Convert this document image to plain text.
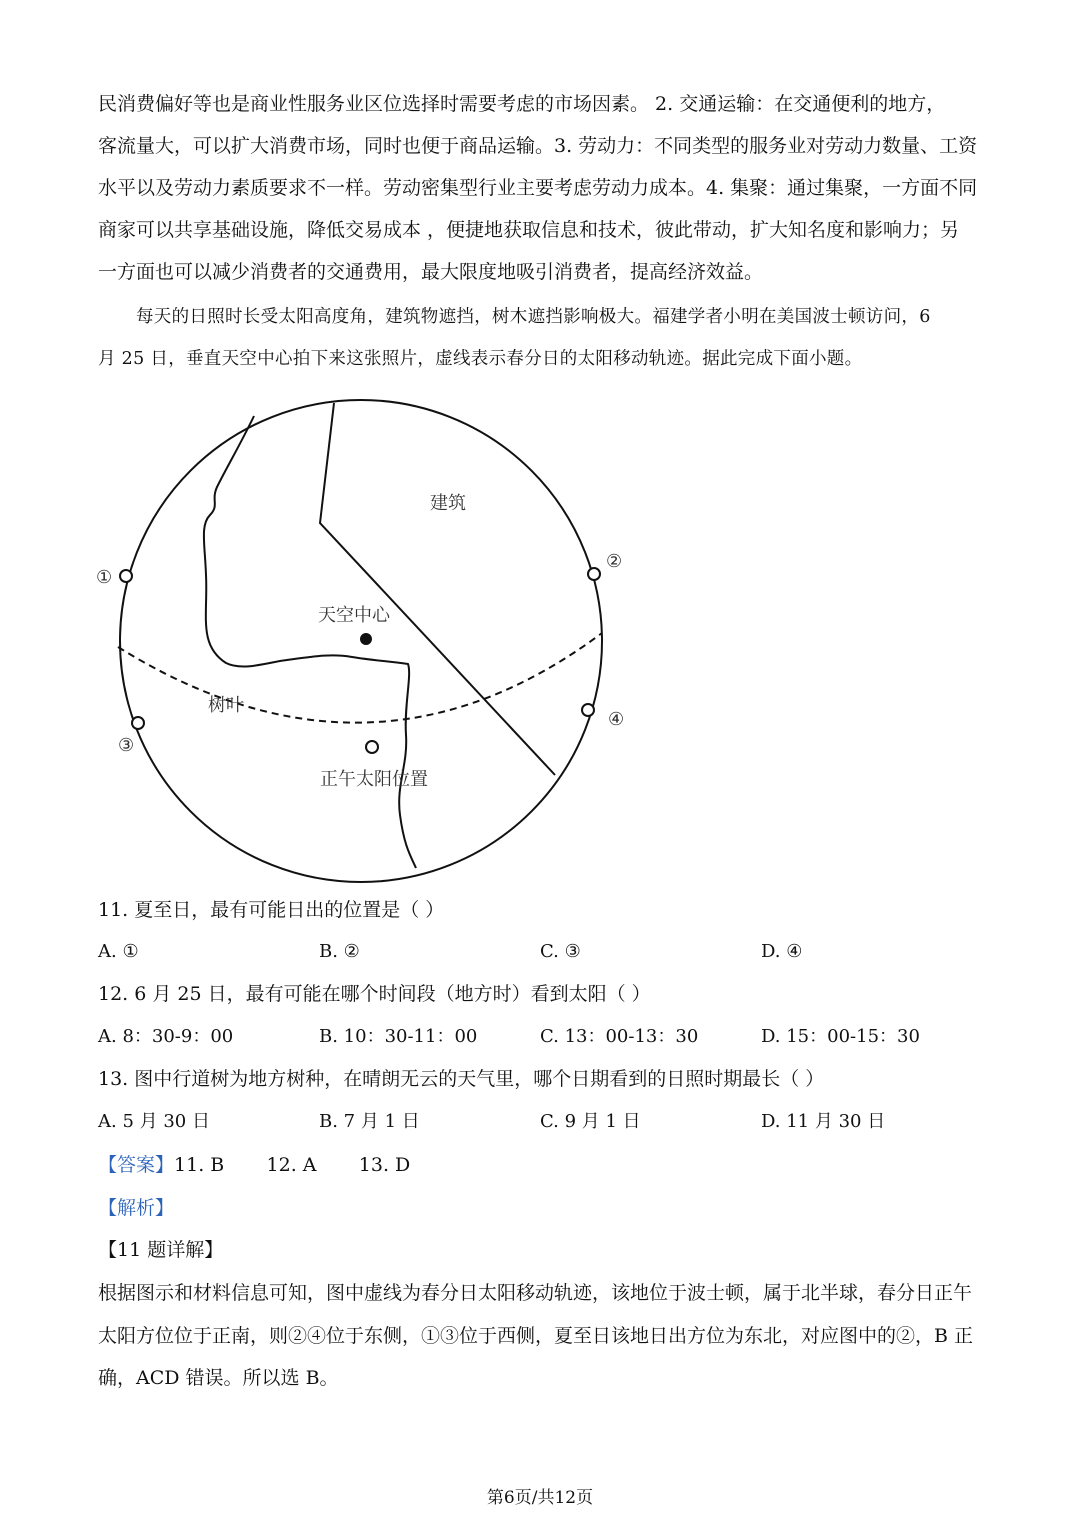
民消费偏好等也是商业性服务业区位选择时需要考虑的市场因素。 2. 交通运输：在交通便利的地方，
客流量大，可以扩大消费市场，同时也便于商品运输。3. 劳动力：不同类型的服务业对劳动力数量、工资
水平以及劳动力素质要求不一样。劳动密集型行业主要考虑劳动力成本。4. 集聚：通过集聚，一方面不同
商家可以共享基础设施，降低交易成本 ，便捷地获取信息和技术，彼此带动，扩大知名度和影响力；另
一方面也可以减少消费者的交通费用，最大限度地吸引消费者，提高经济效益。
每天的日照时长受太阳高度角，建筑物遮挡，树木遮挡影响极大。福建学者小明在美国波士顿访问，6
月 25 日，垂直天空中心拍下来这张照片，虚线表示春分日的太阳移动轨迹。据此完成下面小题。
建筑
天空中心
树叶
正午太阳位置
①
②
③
④
11. 夏至日，最有可能日出的位置是（ ）
A. ①	B. ②	C. ③	D. ④
12. 6 月 25 日，最有可能在哪个时间段（地方时）看到太阳（ ）
A. 8：30-9：00	B. 10：30-11：00	C. 13：00-13：30	D. 15：00-15：30
13. 图中行道树为地方树种，在晴朗无云的天气里，哪个日期看到的日照时期最长（ ）
A. 5 月 30 日	B. 7 月 1 日	C. 9 月 1 日	D. 11 月 30 日
【答案】11. B       12. A       13. D
【解析】
【11 题详解】
根据图示和材料信息可知，图中虚线为春分日太阳移动轨迹，该地位于波士顿，属于北半球，春分日正午
太阳方位位于正南，则②④位于东侧，①③位于西侧，夏至日该地日出方位为东北，对应图中的②，B 正
确，ACD 错误。所以选 B。
第6页/共12页
